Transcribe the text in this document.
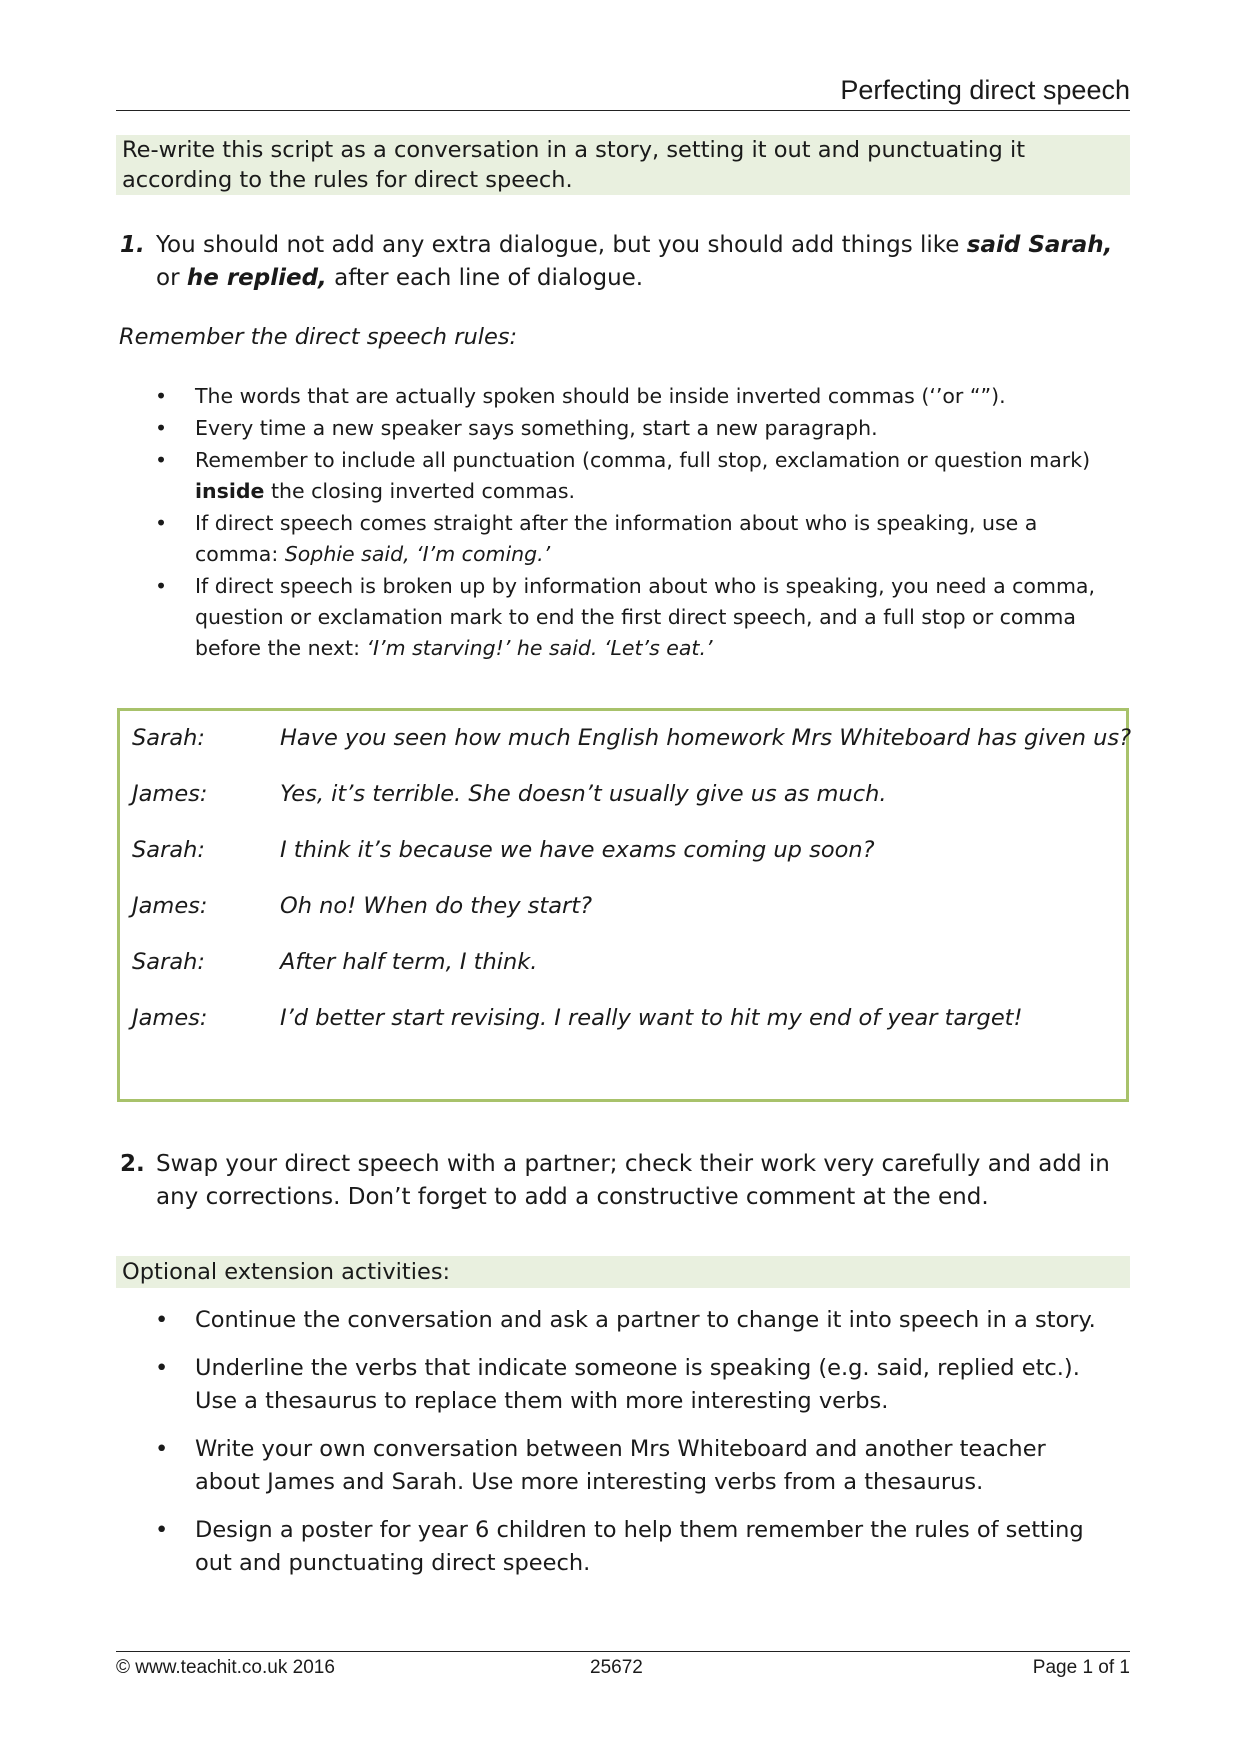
Perfecting direct speech
Re-write this script as a conversation in a story, setting it out and punctuating it according to the rules for direct speech.
1. You should not add any extra dialogue, but you should add things like said Sarah, or he replied, after each line of dialogue.
Remember the direct speech rules:
• The words that are actually spoken should be inside inverted commas (‘’or “”).
• Every time a new speaker says something, start a new paragraph.
• Remember to include all punctuation (comma, full stop, exclamation or question mark) inside the closing inverted commas.
• If direct speech comes straight after the information about who is speaking, use a comma: Sophie said, ‘I’m coming.’
• If direct speech is broken up by information about who is speaking, you need a comma, question or exclamation mark to end the first direct speech, and a full stop or comma before the next: ‘I’m starving!’ he said. ‘Let’s eat.’
Sarah:	Have you seen how much English homework Mrs Whiteboard has given us?
James:	Yes, it’s terrible. She doesn’t usually give us as much.
Sarah:	I think it’s because we have exams coming up soon?
James:	Oh no! When do they start?
Sarah:	After half term, I think.
James:	I’d better start revising. I really want to hit my end of year target!
2. Swap your direct speech with a partner; check their work very carefully and add in any corrections. Don’t forget to add a constructive comment at the end.
Optional extension activities:
• Continue the conversation and ask a partner to change it into speech in a story.
• Underline the verbs that indicate someone is speaking (e.g. said, replied etc.). Use a thesaurus to replace them with more interesting verbs.
• Write your own conversation between Mrs Whiteboard and another teacher about James and Sarah. Use more interesting verbs from a thesaurus.
• Design a poster for year 6 children to help them remember the rules of setting out and punctuating direct speech.
© www.teachit.co.uk 2016	25672	Page 1 of 1
